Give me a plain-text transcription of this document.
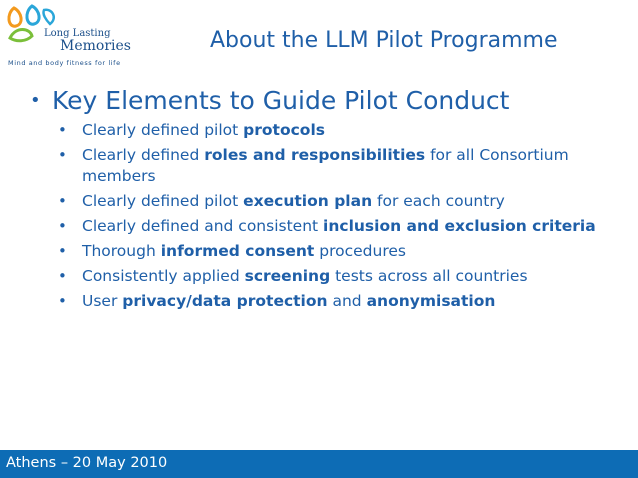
Long Lasting
Memories
Mind and body fitness for life
About the LLM Pilot Programme
• Key Elements to Guide Pilot Conduct
• Clearly defined pilot protocols
• Clearly defined roles and responsibilities for all Consortium members
• Clearly defined pilot execution plan for each country
• Clearly defined and consistent inclusion and exclusion criteria
• Thorough informed consent procedures
• Consistently applied screening tests across all countries
• User privacy/data protection and anonymisation
Athens – 20 May 2010
